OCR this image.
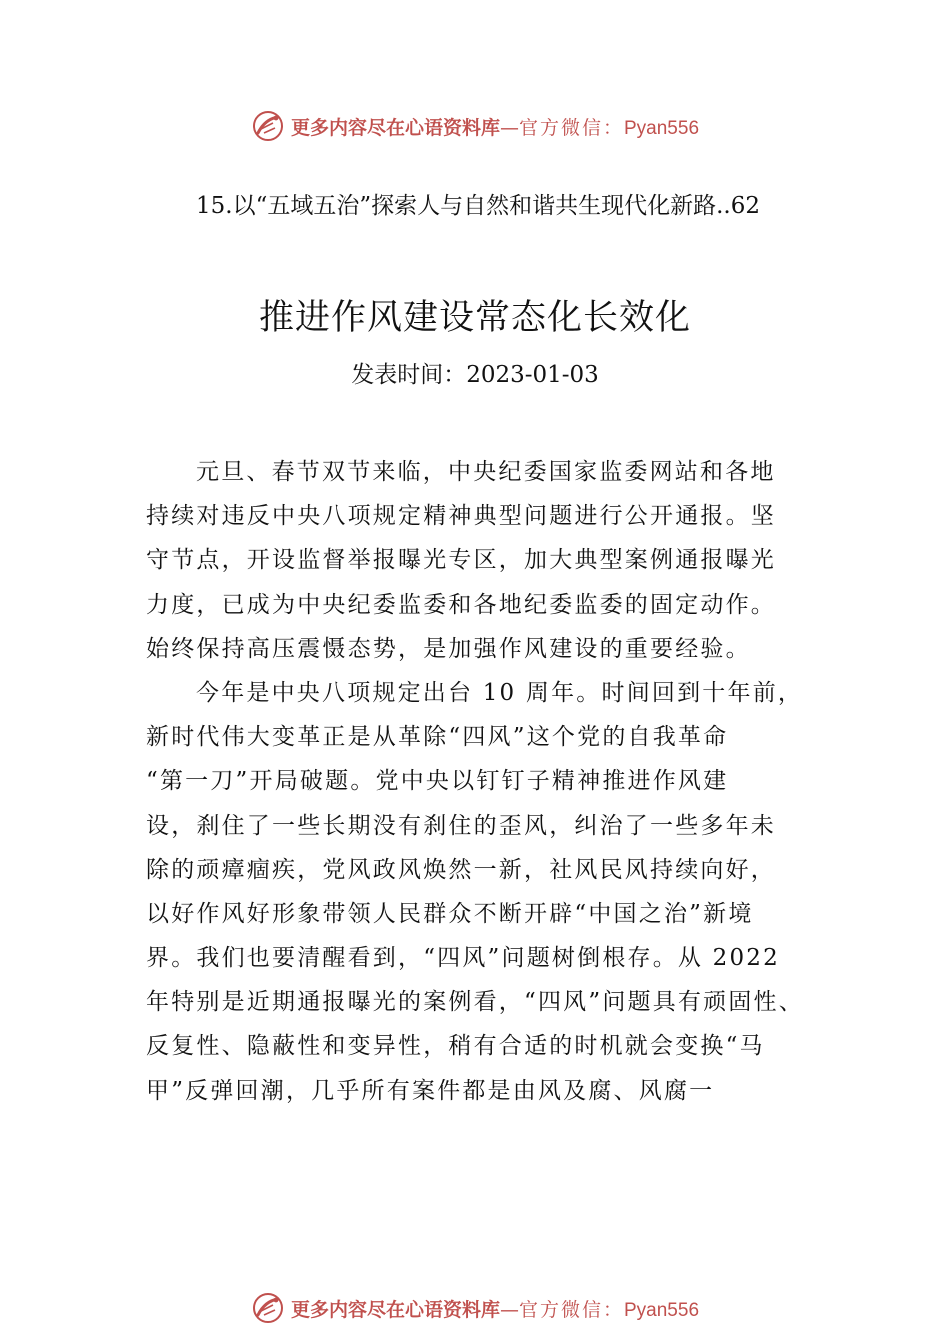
更多内容尽在心语资料库—官方微信：Pyan556
15.以“五域五治”探索人与自然和谐共生现代化新路..62
推进作风建设常态化长效化
发表时间：2023-01-03
元旦、春节双节来临，中央纪委国家监委网站和各地
持续对违反中央八项规定精神典型问题进行公开通报。坚
守节点，开设监督举报曝光专区，加大典型案例通报曝光
力度，已成为中央纪委监委和各地纪委监委的固定动作。
始终保持高压震慑态势，是加强作风建设的重要经验。
今年是中央八项规定出台 10 周年。时间回到十年前，
新时代伟大变革正是从革除“四风”这个党的自我革命
“第一刀”开局破题。党中央以钉钉子精神推进作风建
设，刹住了一些长期没有刹住的歪风，纠治了一些多年未
除的顽瘴痼疾，党风政风焕然一新，社风民风持续向好，
以好作风好形象带领人民群众不断开辟“中国之治”新境
界。我们也要清醒看到，“四风”问题树倒根存。从 2022
年特别是近期通报曝光的案例看，“四风”问题具有顽固性、
反复性、隐蔽性和变异性，稍有合适的时机就会变换“马
甲”反弹回潮，几乎所有案件都是由风及腐、风腐一
更多内容尽在心语资料库—官方微信：Pyan556
